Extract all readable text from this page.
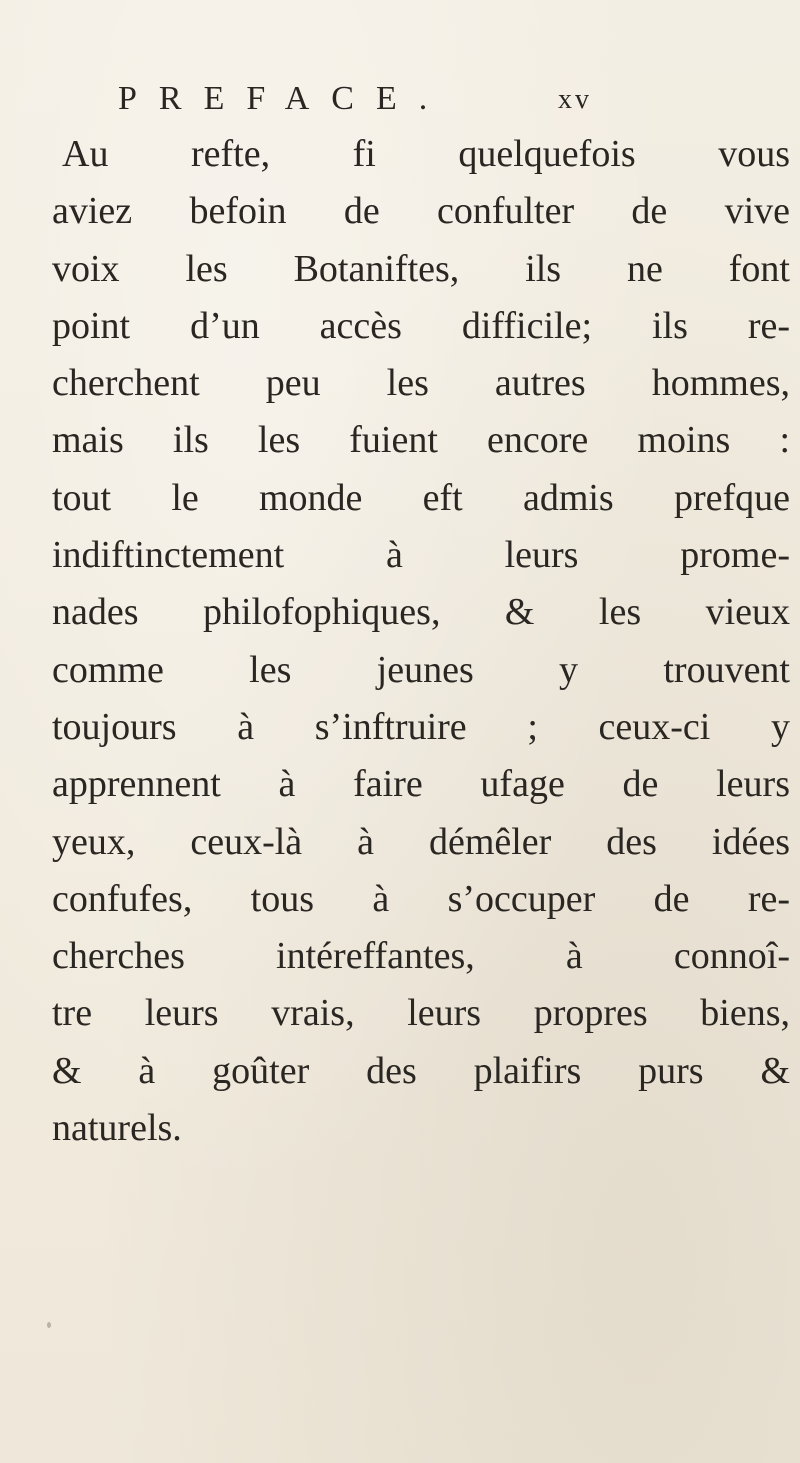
PREFACE.	xv
Au refte, fi quelquefois vous
aviez befoin de confulter de vive
voix les Botaniftes, ils ne font
point d’un accès difficile; ils re-
cherchent peu les autres hommes,
mais ils les fuient encore moins :
tout le monde eft admis prefque
indiftinctement à leurs prome-
nades philofophiques, & les vieux
comme les jeunes y trouvent
toujours à s’inftruire ; ceux-ci y
apprennent à faire ufage de leurs
yeux, ceux-là à démêler des idées
confufes, tous à s’occuper de re-
cherches intéreffantes, à connoî-
tre leurs vrais, leurs propres biens,
& à goûter des plaifirs purs &
naturels.
